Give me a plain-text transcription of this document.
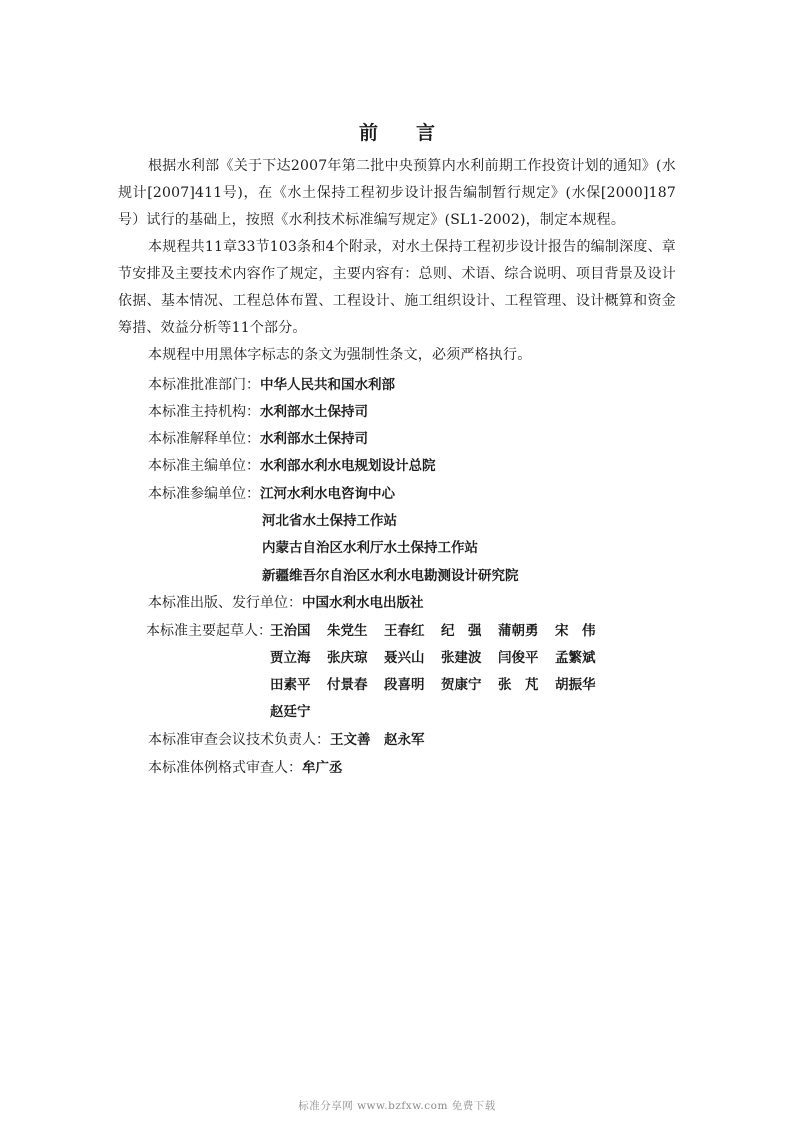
前 言

根据水利部《关于下达2007年第二批中央预算内水利前期工作投资计划的通知》(水规计[2007]411号)，在《水土保持工程初步设计报告编制暂行规定》(水保[2000]187号）试行的基础上，按照《水利技术标准编写规定》(SL1-2002)，制定本规程。

本规程共11章33节103条和4个附录，对水土保持工程初步设计报告的编制深度、章节安排及主要技术内容作了规定，主要内容有：总则、术语、综合说明、项目背景及设计依据、基本情况、工程总体布置、工程设计、施工组织设计、工程管理、设计概算和资金筹措、效益分析等11个部分。

本规程中用黑体字标志的条文为强制性条文，必须严格执行。

本标准批准部门：中华人民共和国水利部
本标准主持机构：水利部水土保持司
本标准解释单位：水利部水土保持司
本标准主编单位：水利部水利水电规划设计总院
本标准参编单位：江河水利水电咨询中心
河北省水土保持工作站
内蒙古自治区水利厅水土保持工作站
新疆维吾尔自治区水利水电勘测设计研究院
本标准出版、发行单位：中国水利水电出版社
本标准主要起草人：
王治国 朱党生 王春红 纪　强 蒲朝勇 宋　伟
贾立海 张庆琼 聂兴山 张建波 闫俊平 孟繁斌
田素平 付景春 段喜明 贺康宁 张　芃 胡振华
赵廷宁
本标准审查会议技术负责人：王文善　赵永军
本标准体例格式审查人：牟广丞
标准分享网 www.bzfxw.com 免费下载
